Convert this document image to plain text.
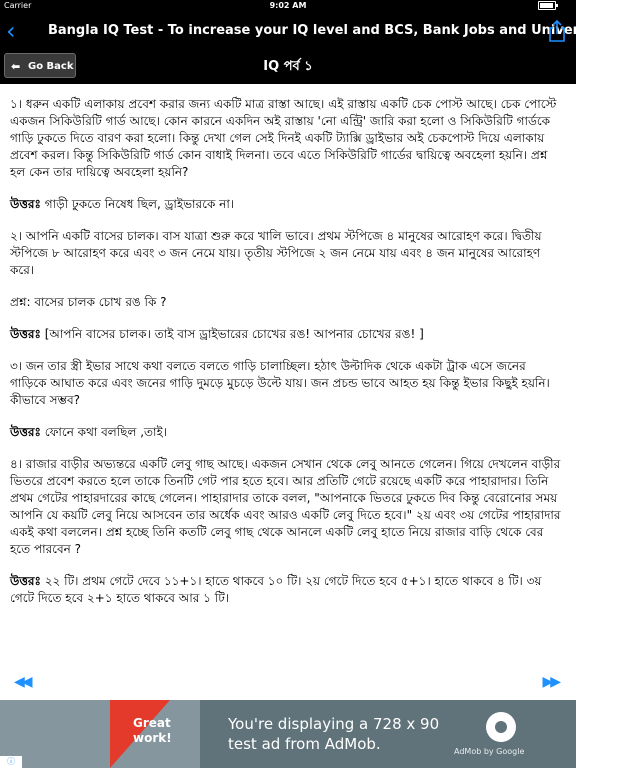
Carrier	9:02 AM
‹	Bangla IQ Test - To increase your IQ level and BCS, Bank Jobs and University A...
⬅ Go Back	IQ পর্ব ১

১। ধরুন একটি এলাকায় প্রবেশ করার জন্য একটি মাত্র রাস্তা আছে। এই রাস্তায় একটি চেক পোস্ট আছে। চেক পোস্টে একজন সিকিউরিটি গার্ড আছে। কোন কারনে একদিন অই রাস্তায় 'নো এন্ট্রি' জারি করা হলো ও সিকিউরিটি গার্ডকে গাড়ি ঢুকতে দিতে বারণ করা হলো। কিন্তু দেখা গেল সেই দিনই একটি ট্যাক্সি ড্রাইভার অই চেকপোস্ট দিয়ে এলাকায় প্রবেশ করল। কিন্তু সিকিউরিটি গার্ড কোন বাধাই দিলনা। তবে এতে সিকিউরিটি গার্ডের দ্বায়িত্বে অবহেলা হয়নি। প্রশ্ন হল কেন তার দায়িত্বে অবহেলা হয়নি?

উত্তরঃ গাড়ী ঢুকতে নিষেধ ছিল, ড্রাইভারকে না।

২। আপনি একটি বাসের চালক। বাস যাত্রা শুরু করে খালি ভাবে। প্রথম স্টপিজে ৪ মানুষের আরোহণ করে। দ্বিতীয় স্টপিজে ৮ আরোহণ করে এবং ৩ জন নেমে যায়। তৃতীয় স্টপিজে ২ জন নেমে যায় এবং ৪ জন মানুষের আরোহণ করে।

প্রশ্ন: বাসের চালক চোখ রঙ কি ?

উত্তরঃ [আপনি বাসের চালক। তাই বাস ড্রাইভারের চোখের রঙ! আপনার চোখের রঙ! ]

৩। জন তার স্ত্রী ইভার সাথে কথা বলতে বলতে গাড়ি চালাচ্ছিল। হঠাৎ উল্টাদিক থেকে একটা ট্রাক এসে জনের গাড়িকে আঘাত করে এবং জনের গাড়ি দুমড়ে মুচড়ে উল্টে যায়। জন প্রচন্ড ভাবে আহত হয় কিন্তু ইভার কিছুই হয়নি। কীভাবে সম্ভব?

উত্তরঃ ফোনে কথা বলছিল ,তাই।

৪। রাজার বাড়ীর অভ্যন্তরে একটি লেবু গাছ আছে। একজন সেখান থেকে লেবু আনতে গেলেন। গিয়ে দেখলেন বাড়ীর ভিতরে প্রবেশ করতে হলে তাকে তিনটি গেট পার হতে হবে। আর প্রতিটি গেটে রয়েছে একটি করে পাহারাদার। তিনি প্রথম গেটের পাহারদারের কাছে গেলেন। পাহারাদার তাকে বলল, "আপনাকে ভিতরে ঢুকতে দিব কিন্তু বেরোনোর সময় আপনি যে কয়টি লেবু নিয়ে আসবেন তার অর্ধেক এবং আরও একটি লেবু দিতে হবে।" ২য় এবং ৩য় গেটের পাহারাদার একই কথা বললেন। প্রশ্ন হচ্ছে তিনি কতটি লেবু গাছ থেকে আনলে একটি লেবু হাতে নিয়ে রাজার বাড়ি থেকে বের হতে পারবেন ?

উত্তরঃ ২২ টি। প্রথম গেটে দেবে ১১+১। হাতে থাকবে ১০ টি। ২য় গেটে দিতে হবে ৫+১। হাতে থাকবে ৪ টি। ৩য় গেটে দিতে হবে ২+১ হাতে থাকবে আর ১ টি।

◀◀	▶▶
Great
work!
You're displaying a 728 x 90
test ad from AdMob.	AdMob by Google
ⓘ
